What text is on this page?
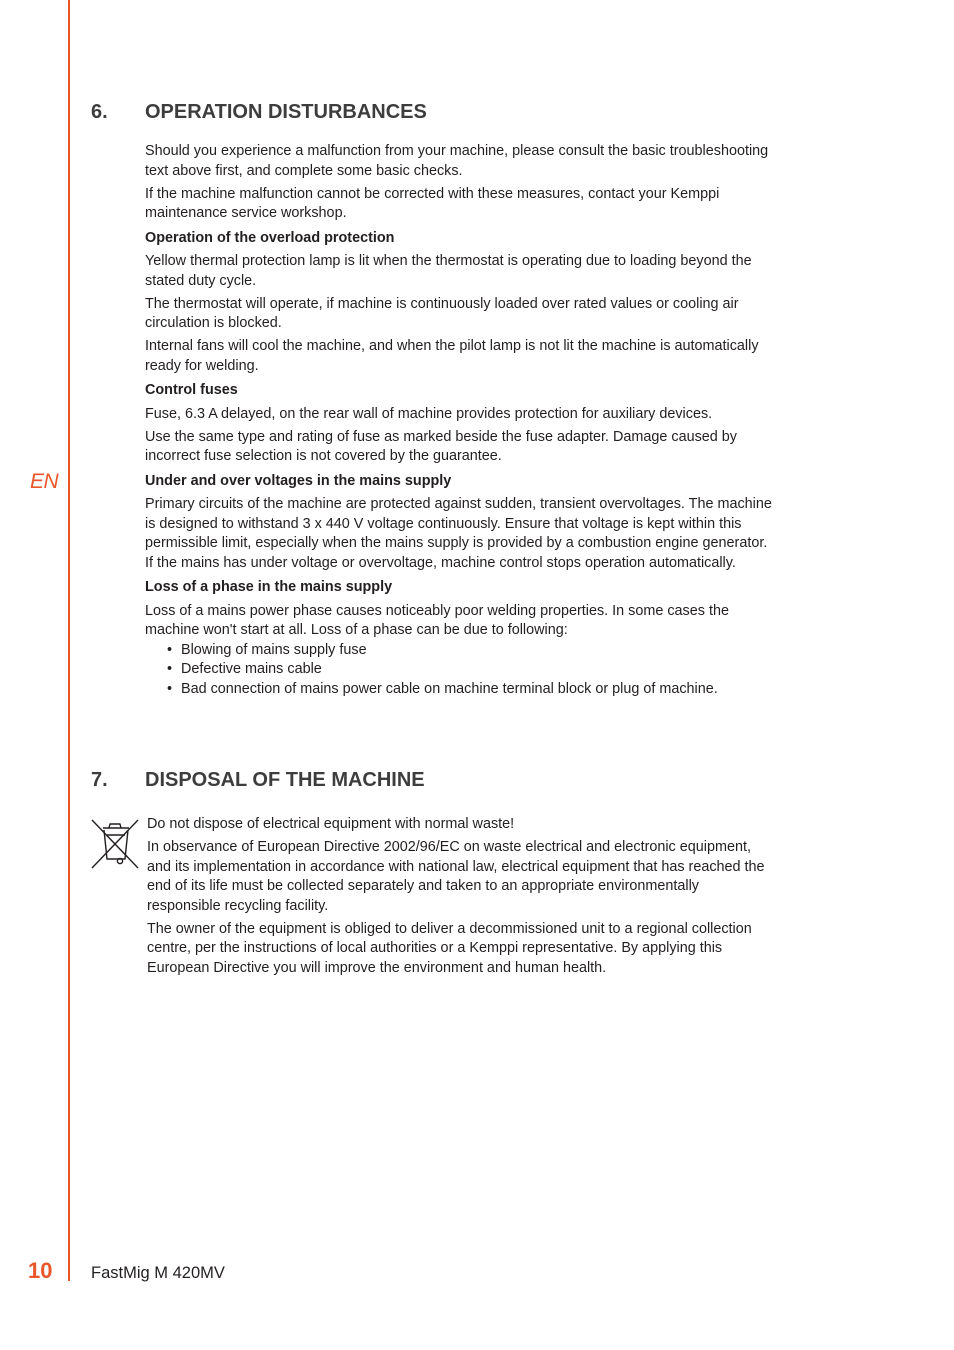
EN
6. OPERATION DISTURBANCES

Should you experience a malfunction from your machine, please consult the basic troubleshooting text above first, and complete some basic checks.

If the machine malfunction cannot be corrected with these measures, contact your Kemppi maintenance service workshop.

Operation of the overload protection

Yellow thermal protection lamp is lit when the thermostat is operating due to loading beyond the stated duty cycle.

The thermostat will operate, if machine is continuously loaded over rated values or cooling air circulation is blocked.

Internal fans will cool the machine, and when the pilot lamp is not lit the machine is automatically ready for welding.

Control fuses

Fuse, 6.3 A delayed, on the rear wall of machine provides protection for auxiliary devices.

Use the same type and rating of fuse as marked beside the fuse adapter. Damage caused by incorrect fuse selection is not covered by the guarantee.

Under and over voltages in the mains supply

Primary circuits of the machine are protected against sudden, transient overvoltages. The machine is designed to withstand 3 x 440 V voltage continuously. Ensure that voltage is kept within this permissible limit, especially when the mains supply is provided by a combustion engine generator. If the mains has under voltage or overvoltage, machine control stops operation automatically.

Loss of a phase in the mains supply

Loss of a mains power phase causes noticeably poor welding properties. In some cases the machine won't start at all. Loss of a phase can be due to following:

• Blowing of mains supply fuse
• Defective mains cable
• Bad connection of mains power cable on machine terminal block or plug of machine.
7. DISPOSAL OF THE MACHINE

Do not dispose of electrical equipment with normal waste!

In observance of European Directive 2002/96/EC on waste electrical and electronic equipment, and its implementation in accordance with national law, electrical equipment that has reached the end of its life must be collected separately and taken to an appropriate environmentally responsible recycling facility.

The owner of the equipment is obliged to deliver a decommissioned unit to a regional collection centre, per the instructions of local authorities or a Kemppi representative. By applying this European Directive you will improve the environment and human health.

10 FastMig M 420MV
